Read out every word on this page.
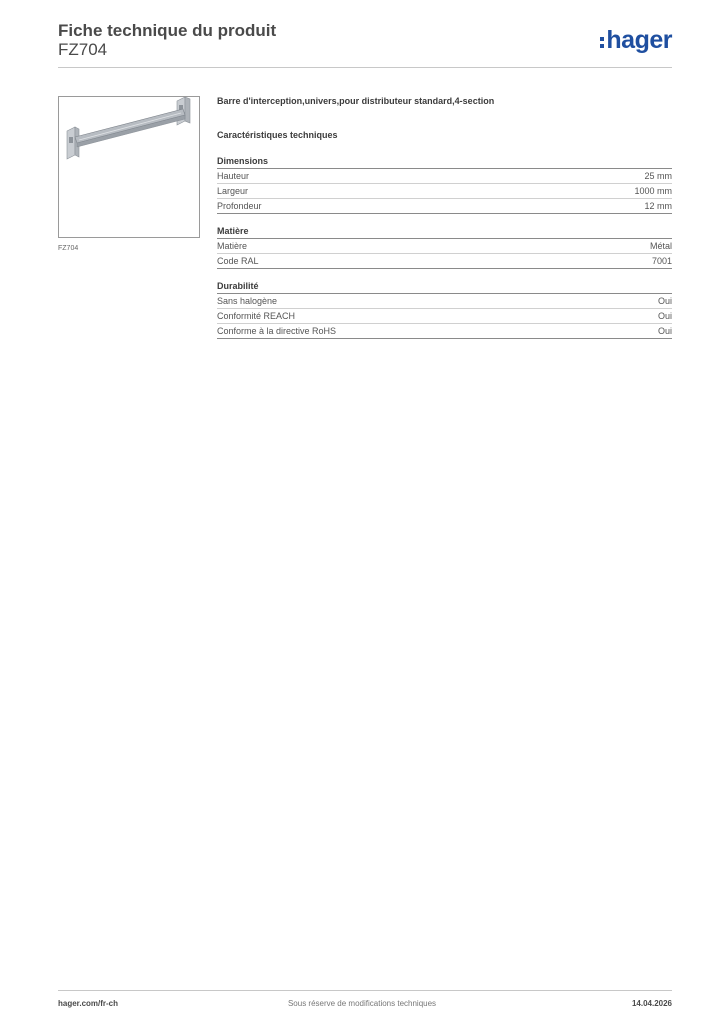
Fiche technique du produit
FZ704	hager
FZ704
Barre d'interception,univers,pour distributeur standard,4-section
Caractéristiques techniques
Dimensions
Hauteur	25 mm
Largeur	1000 mm
Profondeur	12 mm
Matière
Matière	Métal
Code RAL	7001
Durabilité
Sans halogène	Oui
Conformité REACH	Oui
Conforme à la directive RoHS	Oui
hager.com/fr-ch	Sous réserve de modifications techniques	14.04.2026
